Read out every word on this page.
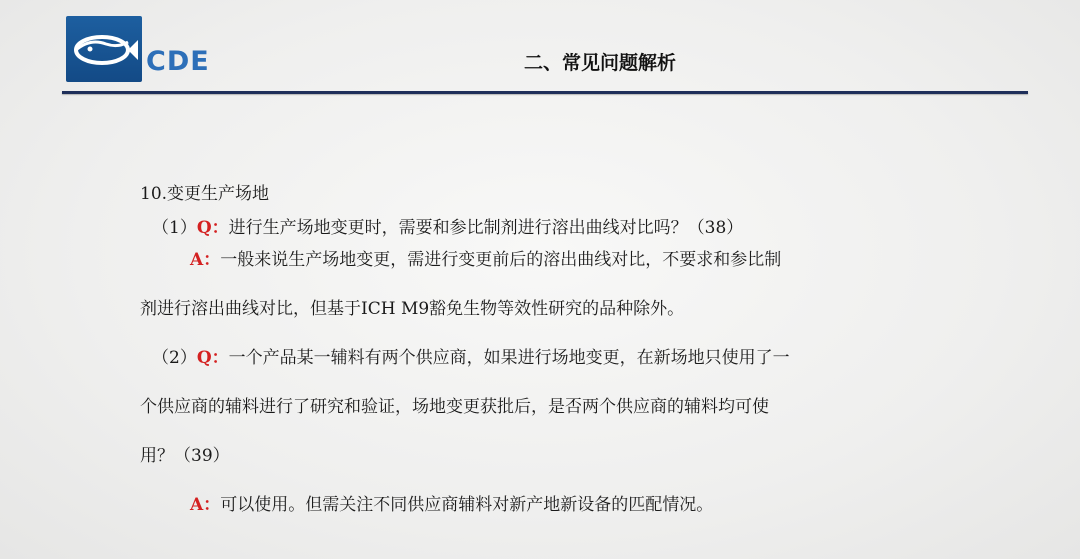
CDE	二、常见问题解析

10.变更生产场地

（1）Q：进行生产场地变更时，需要和参比制剂进行溶出曲线对比吗？（38）

A：一般来说生产场地变更，需进行变更前后的溶出曲线对比，不要求和参比制

剂进行溶出曲线对比，但基于ICH M9豁免生物等效性研究的品种除外。

（2）Q：一个产品某一辅料有两个供应商，如果进行场地变更，在新场地只使用了一

个供应商的辅料进行了研究和验证，场地变更获批后，是否两个供应商的辅料均可使

用？（39）

A：可以使用。但需关注不同供应商辅料对新产地新设备的匹配情况。
